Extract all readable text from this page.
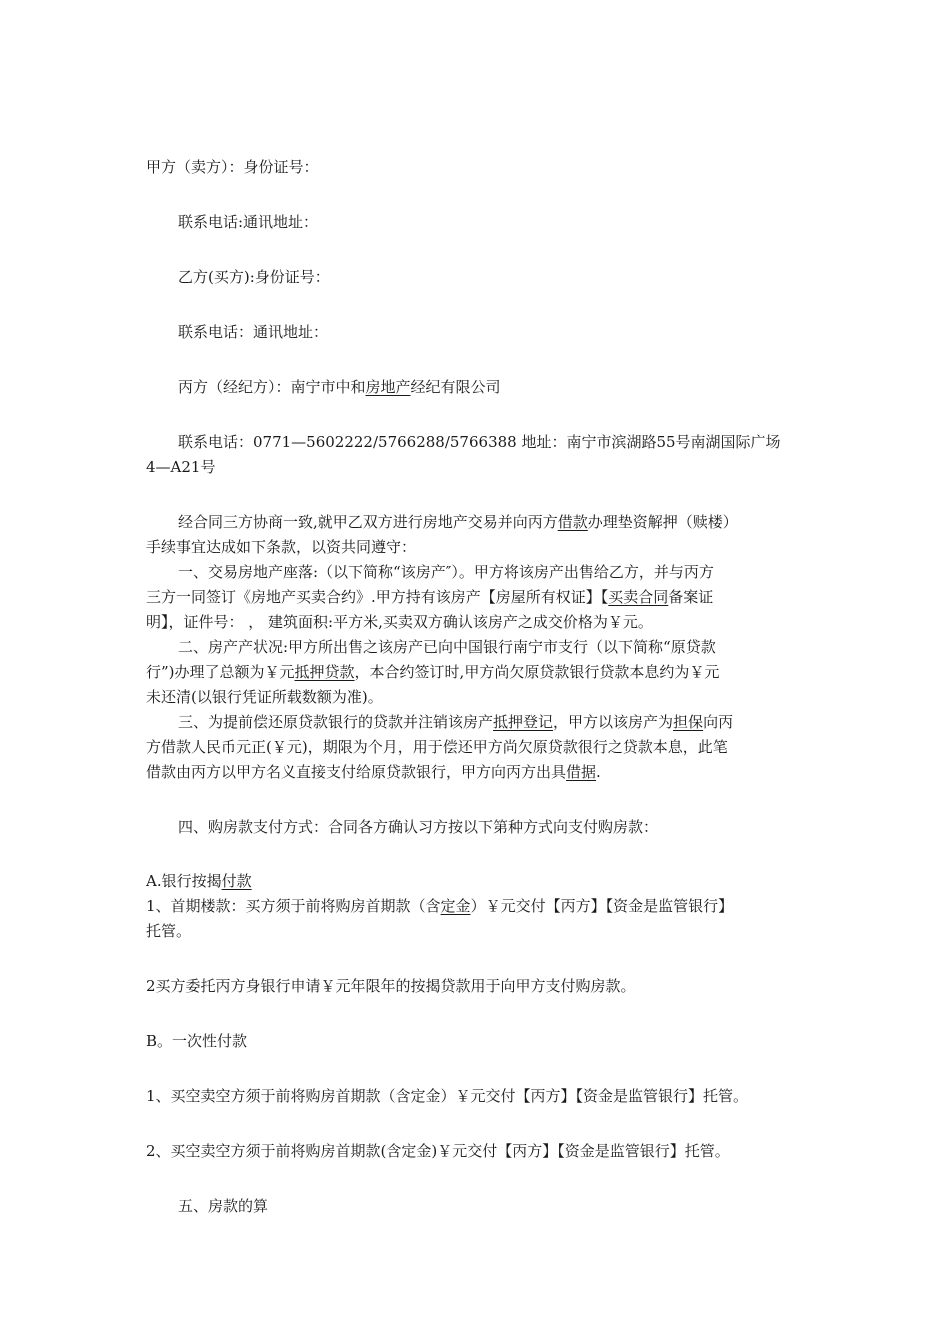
甲方（卖方）：身份证号：
联系电话:通讯地址：
乙方(买方):身份证号：
联系电话：通讯地址：
丙方（经纪方）：南宁市中和房地产经纪有限公司
联系电话：0771—5602222/5766288/5766388 地址：南宁市滨湖路55号南湖国际广场
4—A21号
经合同三方协商一致,就甲乙双方进行房地产交易并向丙方借款办理垫资解押（赎楼）
手续事宜达成如下条款，以资共同遵守：
一、交易房地产座落:（以下简称“该房产″）。甲方将该房产出售给乙方，并与丙方
三方一同签订《房地产买卖合约》.甲方持有该房产【房屋所有权证】【买卖合同备案证
明】，证件号： ， 建筑面积:平方米,买卖双方确认该房产之成交价格为￥元。
二、房产产状况:甲方所出售之该房产已向中国银行南宁市支行（以下简称“原贷款
行”)办理了总额为￥元抵押贷款，本合约签订时,甲方尚欠原贷款银行贷款本息约为￥元
未还清(以银行凭证所载数额为准)。
三、为提前偿还原贷款银行的贷款并注销该房产抵押登记，甲方以该房产为担保向丙
方借款人民币元正(￥元)，期限为个月，用于偿还甲方尚欠原贷款很行之贷款本息，此笔
借款由丙方以甲方名义直接支付给原贷款银行，甲方向丙方出具借据.
四、购房款支付方式：合同各方确认习方按以下第种方式向支付购房款：
A.银行按揭付款
1、首期楼款：买方须于前将购房首期款（含定金）￥元交付【丙方】【资金是监管银行】
托管。
2买方委托丙方身银行申请￥元年限年的按揭贷款用于向甲方支付购房款。
B。一次性付款
1、买空卖空方须于前将购房首期款（含定金）￥元交付【丙方】【资金是监管银行】托管。
2、买空卖空方须于前将购房首期款(含定金)￥元交付【丙方】【资金是监管银行】托管。
五、房款的算
